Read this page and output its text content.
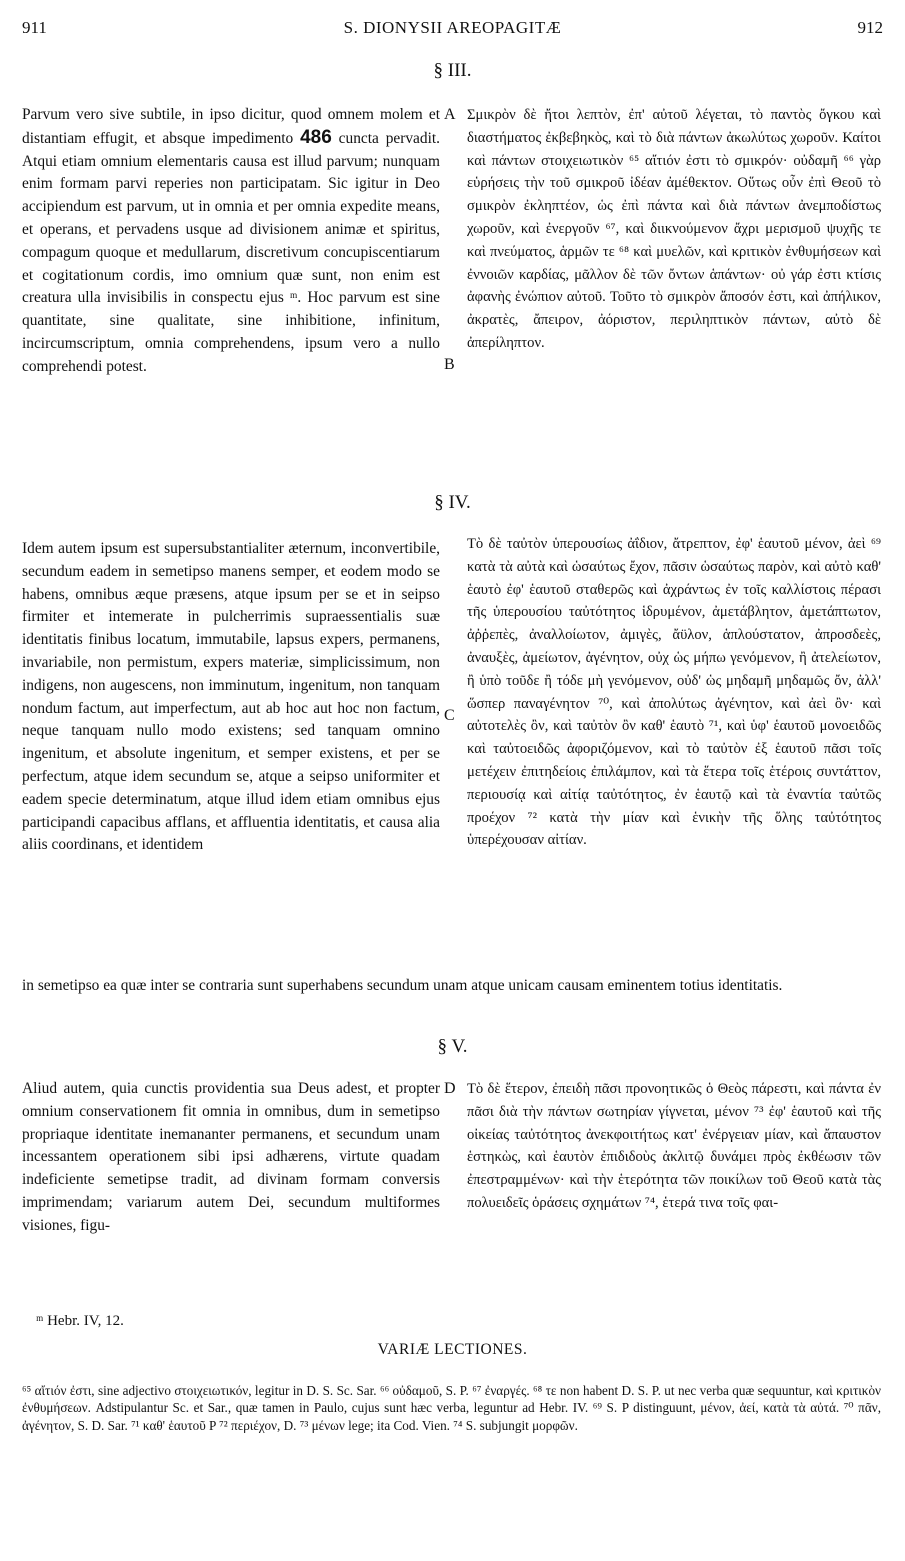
911	S. DIONYSII AREOPAGITÆ	912
§ III.

Parvum vero sive subtile, in ipso dicitur, quod omnem molem et distantiam effugit, et absque impedimento 486 cuncta pervadit. Atqui etiam omnium elementaris causa est illud parvum; nunquam enim formam parvi reperies non participatam. Sic igitur in Deo accipiendum est parvum, ut in omnia et per omnia expedite means, et operans, et pervadens usque ad divisionem animæ et spiritus, compagum quoque et medullarum, discretivum concupiscentiarum et cogitationum cordis, imo omnium quæ sunt, non enim est creatura ulla invisibilis in conspectu ejus ᵐ. Hoc parvum est sine quantitate, sine qualitate, sine inhibitione, infinitum, incircumscriptum, omnia comprehendens, ipsum vero a nullo comprehendi potest.

Σμικρὸν δὲ ἤτοι λεπτὸν, ἐπ' αὐτοῦ λέγεται, τὸ παντὸς ὄγκου καὶ διαστήματος ἐκβεβηκὸς, καὶ τὸ διὰ πάντων ἀκωλύτως χωροῦν. Καίτοι καὶ πάντων στοιχειωτικὸν ⁶⁵ αἴτιόν ἐστι τὸ σμικρόν· οὐδαμῆ ⁶⁶ γὰρ εὑρήσεις τὴν τοῦ σμικροῦ ἰδέαν ἀμέθεκτον. Οὕτως οὖν ἐπὶ Θεοῦ τὸ σμικρὸν ἐκληπτέον, ὡς ἐπὶ πάντα καὶ διὰ πάντων ἀνεμποδίστως χωροῦν, καὶ ἐνεργοῦν ⁶⁷, καὶ διικνούμενον ἄχρι μερισμοῦ ψυχῆς τε καὶ πνεύματος, ἁρμῶν τε ⁶⁸ καὶ μυελῶν, καὶ κριτικὸν ἐνθυμήσεων καὶ ἐννοιῶν καρδίας, μᾶλλον δὲ τῶν ὄντων ἁπάντων· οὐ γάρ ἐστι κτίσις ἀφανὴς ἐνώπιον αὐτοῦ. Τοῦτο τὸ σμικρὸν ἄποσόν ἐστι, καὶ ἀπήλικον, ἀκρατὲς, ἄπειρον, ἀόριστον, περιληπτικὸν πάντων, αὐτὸ δὲ ἀπερίληπτον.

A
B
§ IV.

Idem autem ipsum est supersubstantialiter æternum, inconvertibile, secundum eadem in semetipso manens semper, et eodem modo se habens, omnibus æque præsens, atque ipsum per se et in seipso firmiter et intemerate in pulcherrimis supraessentialis suæ identitatis finibus locatum, immutabile, lapsus expers, permanens, invariabile, non permistum, expers materiæ, simplicissimum, non indigens, non augescens, non imminutum, ingenitum, non tanquam nondum factum, aut imperfectum, aut ab hoc aut hoc non factum, neque tanquam nullo modo existens; sed tanquam omnino ingenitum, et absolute ingenitum, et semper existens, et per se perfectum, atque idem secundum se, atque a seipso uniformiter et eadem specie determinatum, atque illud idem etiam omnibus ejus participandi capacibus afflans, et affluentia identitatis, et causa alia aliis coordinans, et identidem

Τὸ δὲ ταὐτὸν ὑπερουσίως ἀΐδιον, ἄτρεπτον, ἐφ' ἑαυτοῦ μένον, ἀεὶ ⁶⁹ κατὰ τὰ αὐτὰ καὶ ὡσαύτως ἔχον, πᾶσιν ὡσαύτως παρὸν, καὶ αὐτὸ καθ' ἑαυτὸ ἐφ' ἑαυτοῦ σταθερῶς καὶ ἀχράντως ἐν τοῖς καλλίστοις πέρασι τῆς ὑπερουσίου ταὐτότητος ἱδρυμένον, ἀμετάβλητον, ἀμετάπτωτον, ἀῤῥεπὲς, ἀναλλοίωτον, ἀμιγὲς, ἄϋλον, ἁπλούστατον, ἀπροσδεὲς, ἀναυξὲς, ἀμείωτον, ἀγένητον, οὐχ ὡς μήπω γενόμενον, ἢ ἀτελείωτον, ἢ ὑπὸ τοῦδε ἢ τόδε μὴ γενόμενον, οὐδ' ὡς μηδαμῆ μηδαμῶς ὄν, ἀλλ' ὥσπερ παναγένητον ⁷⁰, καὶ ἀπολύτως ἀγένητον, καὶ ἀεὶ ὂν· καὶ αὐτοτελὲς ὂν, καὶ ταὐτὸν ὂν καθ' ἑαυτὸ ⁷¹, καὶ ὑφ' ἑαυτοῦ μονοειδῶς καὶ ταὐτοειδῶς ἀφοριζόμενον, καὶ τὸ ταὐτὸν ἐξ ἑαυτοῦ πᾶσι τοῖς μετέχειν ἐπιτηδείοις ἐπιλάμπον, καὶ τὰ ἕτερα τοῖς ἑτέροις συντάττον, περιουσίᾳ καὶ αἰτίᾳ ταὐτότητος, ἐν ἑαυτῷ καὶ τὰ ἐναντία ταὐτῶς προέχον ⁷² κατὰ τὴν μίαν καὶ ἑνικὴν τῆς ὅλης ταὐτότητος ὑπερέχουσαν αἰτίαν.

C
in semetipso ea quæ inter se contraria sunt superhabens secundum unam atque unicam causam eminentem totius identitatis.
§ V.

Aliud autem, quia cunctis providentia sua Deus adest, et propter omnium conservationem fit omnia in omnibus, dum in semetipso propriaque identitate inemananter permanens, et secundum unam incessantem operationem sibi ipsi adhærens, virtute quadam indeficiente semetipse tradit, ad divinam formam conversis imprimendam; variarum autem Dei, secundum multiformes visiones, figu-

Τὸ δὲ ἕτερον, ἐπειδὴ πᾶσι προνοητικῶς ὁ Θεὸς πάρεστι, καὶ πάντα ἐν πᾶσι διὰ τὴν πάντων σωτηρίαν γίγνεται, μένον ⁷³ ἐφ' ἑαυτοῦ καὶ τῆς οἰκείας ταὐτότητος ἀνεκφοιτήτως κατ' ἐνέργειαν μίαν, καὶ ἄπαυστον ἑστηκὼς, καὶ ἑαυτὸν ἐπιδιδοὺς ἀκλιτῷ δυνάμει πρὸς ἐκθέωσιν τῶν ἐπεστραμμένων· καὶ τὴν ἑτερότητα τῶν ποικίλων τοῦ Θεοῦ κατὰ τὰς πολυειδεῖς ὁράσεις σχημάτων ⁷⁴, ἑτερά τινα τοῖς φαι-

D
ᵐ Hebr. IV, 12.
VARIÆ LECTIONES.
⁶⁵ αἴτιόν ἐστι, sine adjectivo στοιχειωτικόν, legitur in D. S. Sc. Sar. ⁶⁶ οὐδαμοῦ, S. P. ⁶⁷ ἐναργές. ⁶⁸ τε non habent D. S. P. ut nec verba quæ sequuntur, καὶ κριτικὸν ἐνθυμήσεων. Adstipulantur Sc. et Sar., quæ tamen in Paulo, cujus sunt hæc verba, leguntur ad Hebr. IV. ⁶⁹ S. P distinguunt, μένον, ἀεί, κατὰ τὰ αὐτά. ⁷⁰ πᾶν, ἀγένητον, S. D. Sar. ⁷¹ καθ' ἑαυτοῦ P ⁷² περιέχον, D. ⁷³ μένων lege; ita Cod. Vien. ⁷⁴ S. subjungit μορφῶν.
